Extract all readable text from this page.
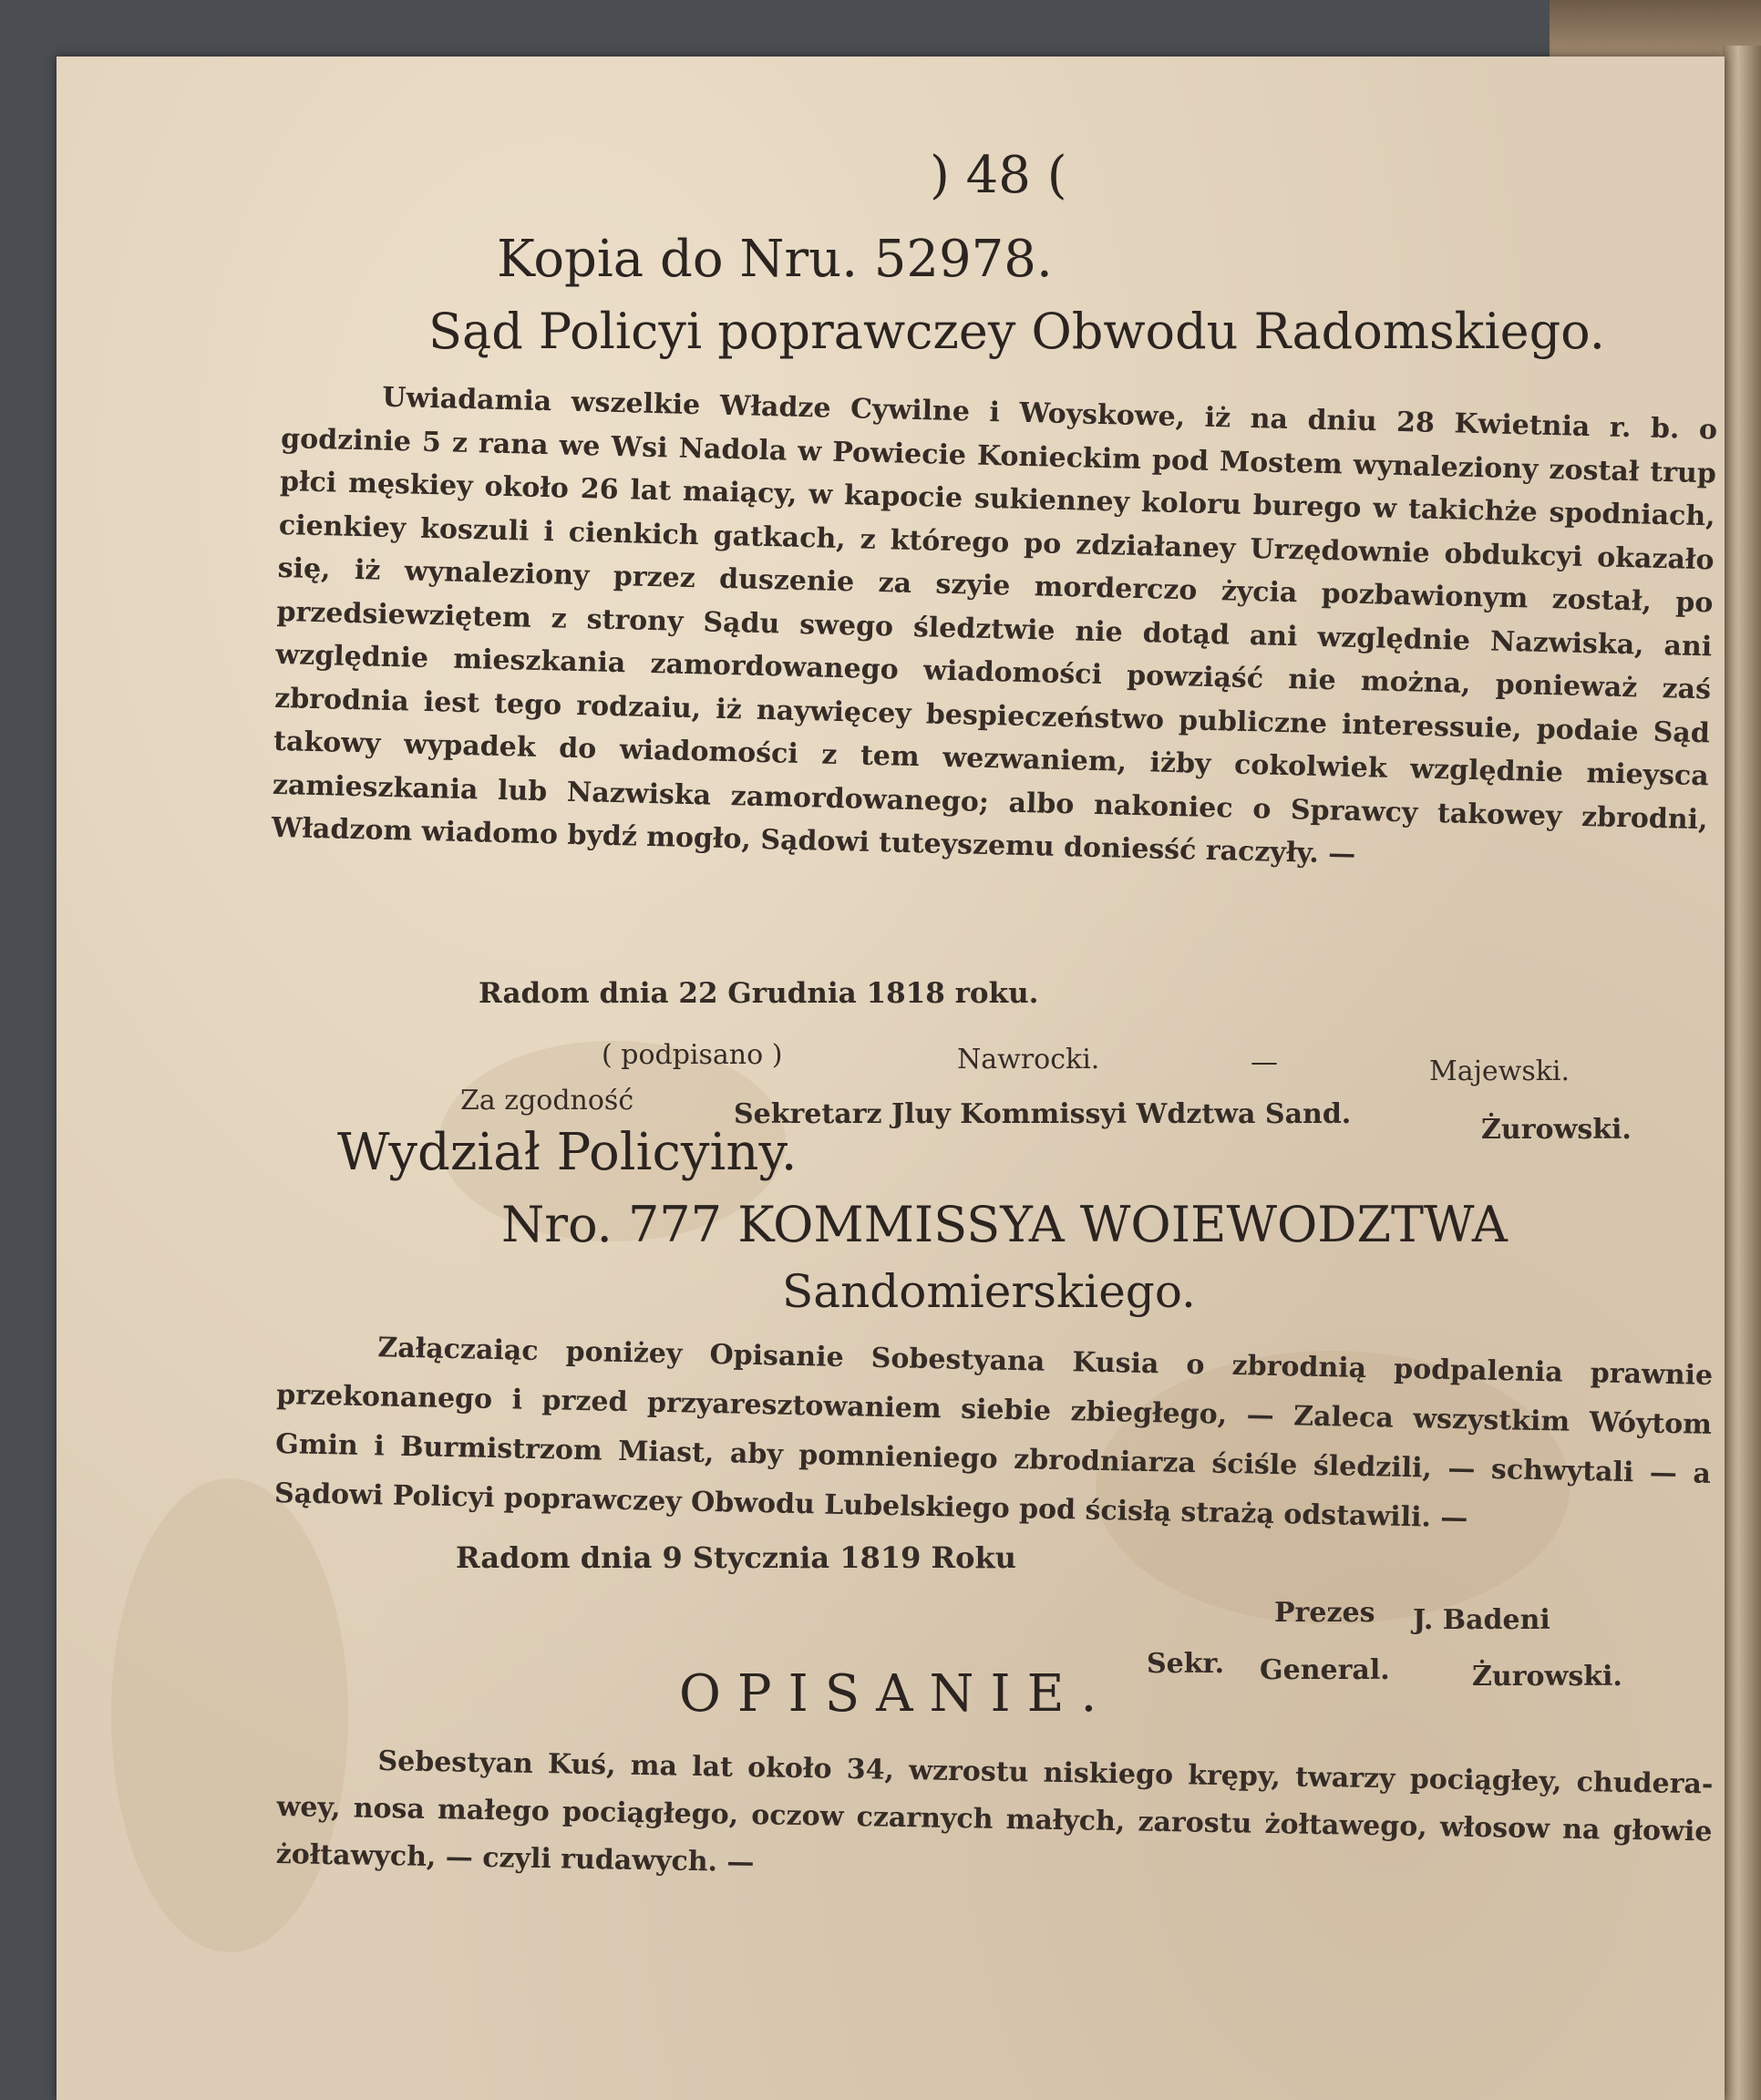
) 48 (
Kopia do Nru. 52978.
Sąd Policyi poprawczey Obwodu Radomskiego.
Uwiadamia wszelkie Władze Cywilne i Woyskowe, iż na dniu 28 Kwietnia r. b. o godzinie 5 z rana we Wsi Nadola w Powiecie Konieckim pod Mostem wynaleziony został trup płci męskiey około 26 lat maiący, w kapocie sukienney koloru burego w takichże spodniach, cienkiey koszuli i cienkich gatkach, z którego po zdziałaney Urzędownie obdukcyi okazało się, iż wynaleziony przez duszenie za szyie morderczo życia pozbawionym został, po przedsiewziętem z strony Sądu swego śledztwie nie dotąd ani względnie Nazwiska, ani względnie mieszkania zamordowanego wiadomości powziąść nie można, ponieważ zaś zbrodnia iest tego rodzaiu, iż naywięcey bespieczeństwo publiczne interessuie, podaie Sąd takowy wypadek do wiadomości z tem wezwaniem, iżby cokolwiek względnie mieysca zamieszkania lub Nazwiska zamordowanego; albo nakoniec o Sprawcy takowey zbrodni, Władzom wiadomo bydź mogło, Sądowi tuteyszemu doniesść raczyły. —
Radom dnia 22 Grudnia 1818 roku.
( podpisano )	Nawrocki.	—	Majewski.
Za zgodność	Sekretarz Jluy Kommissyi Wdztwa Sand.	Żurowski.
Wydział Policyiny.
Nro. 777 KOMMISSYA WOIEWODZTWA
Sandomierskiego.
Załączaiąc poniżey Opisanie Sobestyana Kusia o zbrodnią podpalenia prawnie przekonanego i przed przyaresztowaniem siebie zbiegłego, — Zaleca wszystkim Wóytom Gmin i Burmistrzom Miast, aby pomnieniego zbrodniarza ściśle śledzili, — schwytali — a Sądowi Policyi poprawczey Obwodu Lubelskiego pod ścisłą strażą odstawili. —
Radom dnia 9 Stycznia 1819 Roku
Prezes J. Badeni
Sekr. General.	Żurowski.
OPISANIE.
Sebestyan Kuś, ma lat około 34, wzrostu niskiego krępy, twarzy pociągłey, chudera-wey, nosa małego pociągłego, oczow czarnych małych, zarostu żołtawego, włosow na głowie żołtawych, — czyli rudawych. —
